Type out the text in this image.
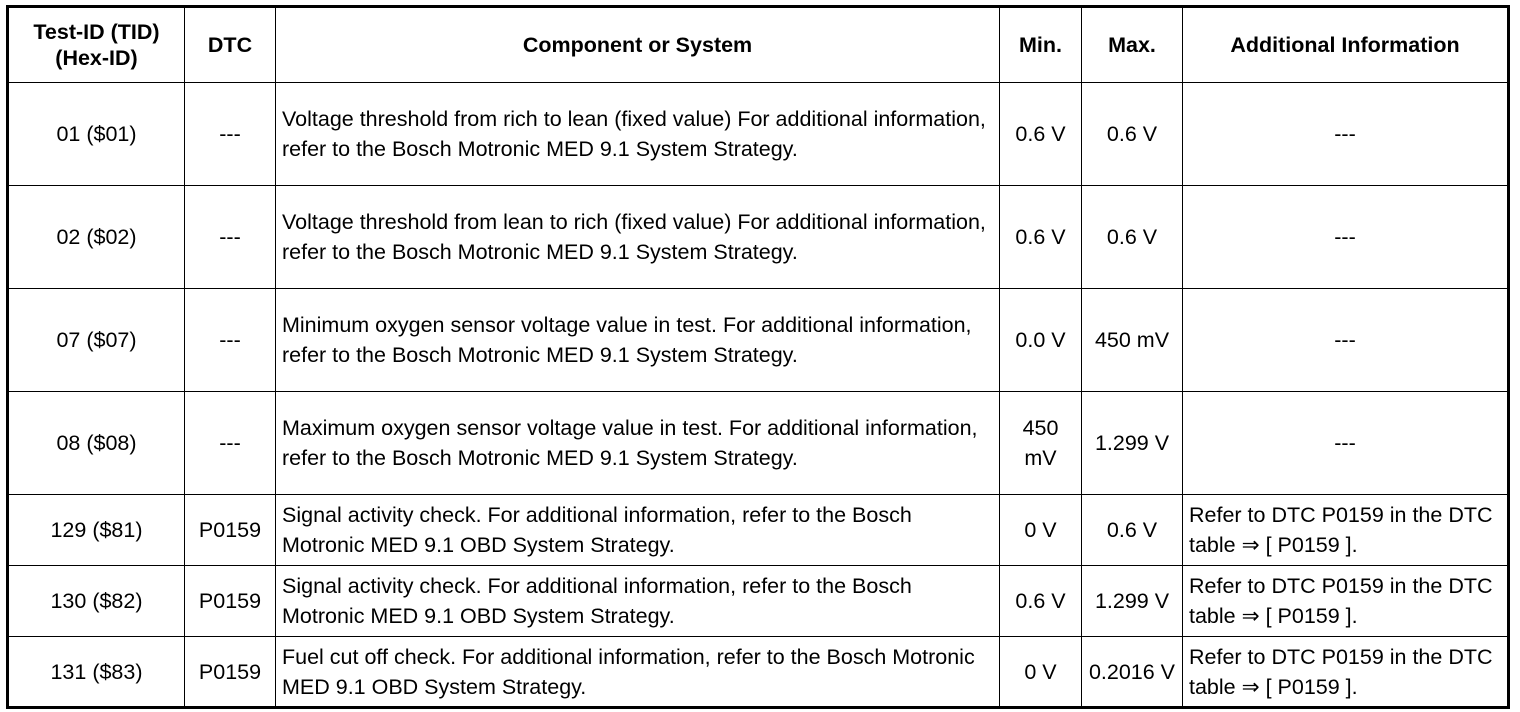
Test-ID (TID) (Hex-ID)	DTC	Component or System	Min.	Max.	Additional Information
01 ($01)	---	Voltage threshold from rich to lean (fixed value) For additional information, refer to the Bosch Motronic MED 9.1 System Strategy.	0.6 V	0.6 V	---
02 ($02)	---	Voltage threshold from lean to rich (fixed value) For additional information, refer to the Bosch Motronic MED 9.1 System Strategy.	0.6 V	0.6 V	---
07 ($07)	---	Minimum oxygen sensor voltage value in test. For additional information, refer to the Bosch Motronic MED 9.1 System Strategy.	0.0 V	450 mV	---
08 ($08)	---	Maximum oxygen sensor voltage value in test. For additional information, refer to the Bosch Motronic MED 9.1 System Strategy.	450 mV	1.299 V	---
129 ($81)	P0159	Signal activity check. For additional information, refer to the Bosch Motronic MED 9.1 OBD System Strategy.	0 V	0.6 V	Refer to DTC P0159 in the DTC table ⇒ [ P0159 ].
130 ($82)	P0159	Signal activity check. For additional information, refer to the Bosch Motronic MED 9.1 OBD System Strategy.	0.6 V	1.299 V	Refer to DTC P0159 in the DTC table ⇒ [ P0159 ].
131 ($83)	P0159	Fuel cut off check. For additional information, refer to the Bosch Motronic MED 9.1 OBD System Strategy.	0 V	0.2016 V	Refer to DTC P0159 in the DTC table ⇒ [ P0159 ].
